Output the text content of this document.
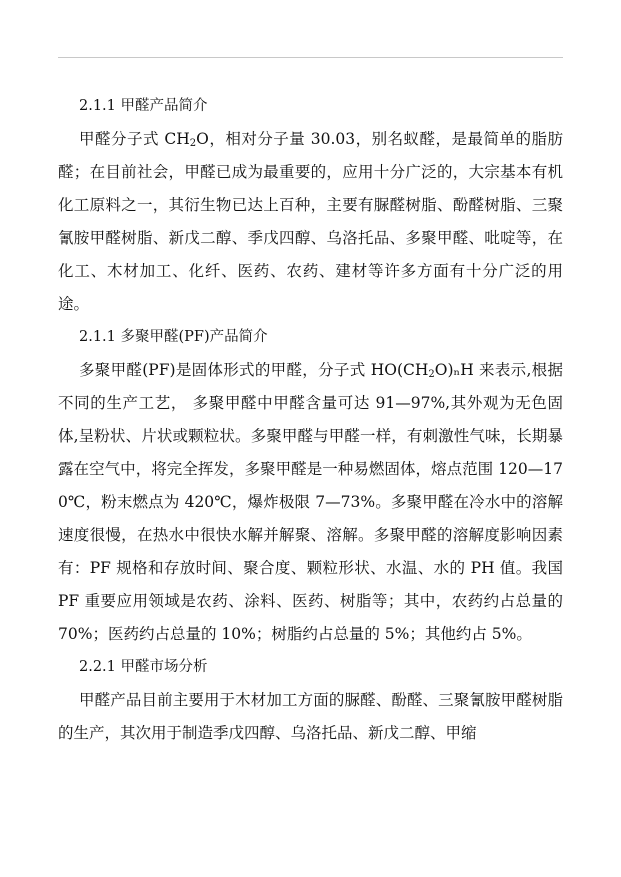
2.1.1 甲醛产品简介

甲醛分子式 $CH_2O$，相对分子量 30.03，别名蚁醛，是最简单的脂肪醛；在目前社会，甲醛已成为最重要的，应用十分广泛的，大宗基本有机化工原料之一，其衍生物已达上百种，主要有脲醛树脂、酚醛树脂、三聚氰胺甲醛树脂、新戊二醇、季戊四醇、乌洛托品、多聚甲醛、吡啶等，在化工、木材加工、化纤、医药、农药、建材等许多方面有十分广泛的用途。

2.1.1 多聚甲醛(PF)产品简介

多聚甲醛(PF)是固体形式的甲醛，分子式 $HO(CH_2O)_nH$ 来表示,根据不同的生产工艺， 多聚甲醛中甲醛含量可达 91—97%,其外观为无色固体,呈粉状、片状或颗粒状。多聚甲醛与甲醛一样，有刺激性气味，长期暴露在空气中，将完全挥发，多聚甲醛是一种易燃固体，熔点范围 120—170℃，粉末燃点为 420℃，爆炸极限 7—73%。多聚甲醛在冷水中的溶解速度很慢，在热水中很快水解并解聚、溶解。多聚甲醛的溶解度影响因素有：PF 规格和存放时间、聚合度、颗粒形状、水温、水的 PH 值。我国 PF 重要应用领域是农药、涂料、医药、树脂等；其中，农药约占总量的 70%；医药约占总量的 10%；树脂约占总量的 5%；其他约占 5%。

2.2.1 甲醛市场分析

甲醛产品目前主要用于木材加工方面的脲醛、酚醛、三聚氰胺甲醛树脂的生产，其次用于制造季戊四醇、乌洛托品、新戊二醇、甲缩
